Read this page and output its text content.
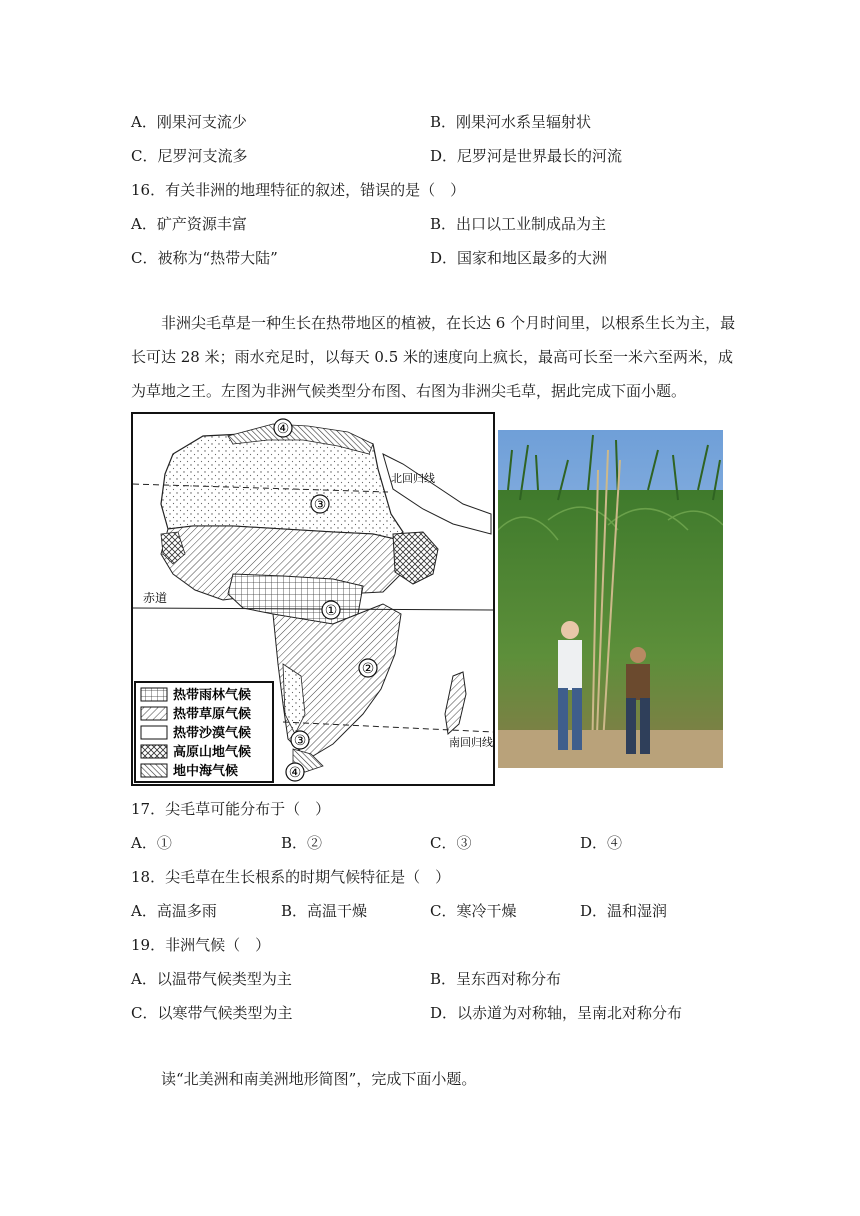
A．刚果河支流少	B．刚果河水系呈辐射状
C．尼罗河支流多	D．尼罗河是世界最长的河流
16．有关非洲的地理特征的叙述，错误的是（　）
A．矿产资源丰富	B．出口以工业制成品为主
C．被称为“热带大陆”	D．国家和地区最多的大洲
非洲尖毛草是一种生长在热带地区的植被，在长达 6 个月时间里，以根系生长为主，最长可达 28 米；雨水充足时，以每天 0.5 米的速度向上疯长，最高可长至一米六至两米，成为草地之王。左图为非洲气候类型分布图、右图为非洲尖毛草，据此完成下面小题。
北回归线
赤道
南回归线
④
③
①
②
③
④
热带雨林气候
热带草原气候
热带沙漠气候
高原山地气候
地中海气候
17．尖毛草可能分布于（　）
A．①	B．②	C．③	D．④
18．尖毛草在生长根系的时期气候特征是（　）
A．高温多雨	B．高温干燥	C．寒冷干燥	D．温和湿润
19．非洲气候（　）
A．以温带气候类型为主	B．呈东西对称分布
C．以寒带气候类型为主	D．以赤道为对称轴，呈南北对称分布
读“北美洲和南美洲地形简图”，完成下面小题。
